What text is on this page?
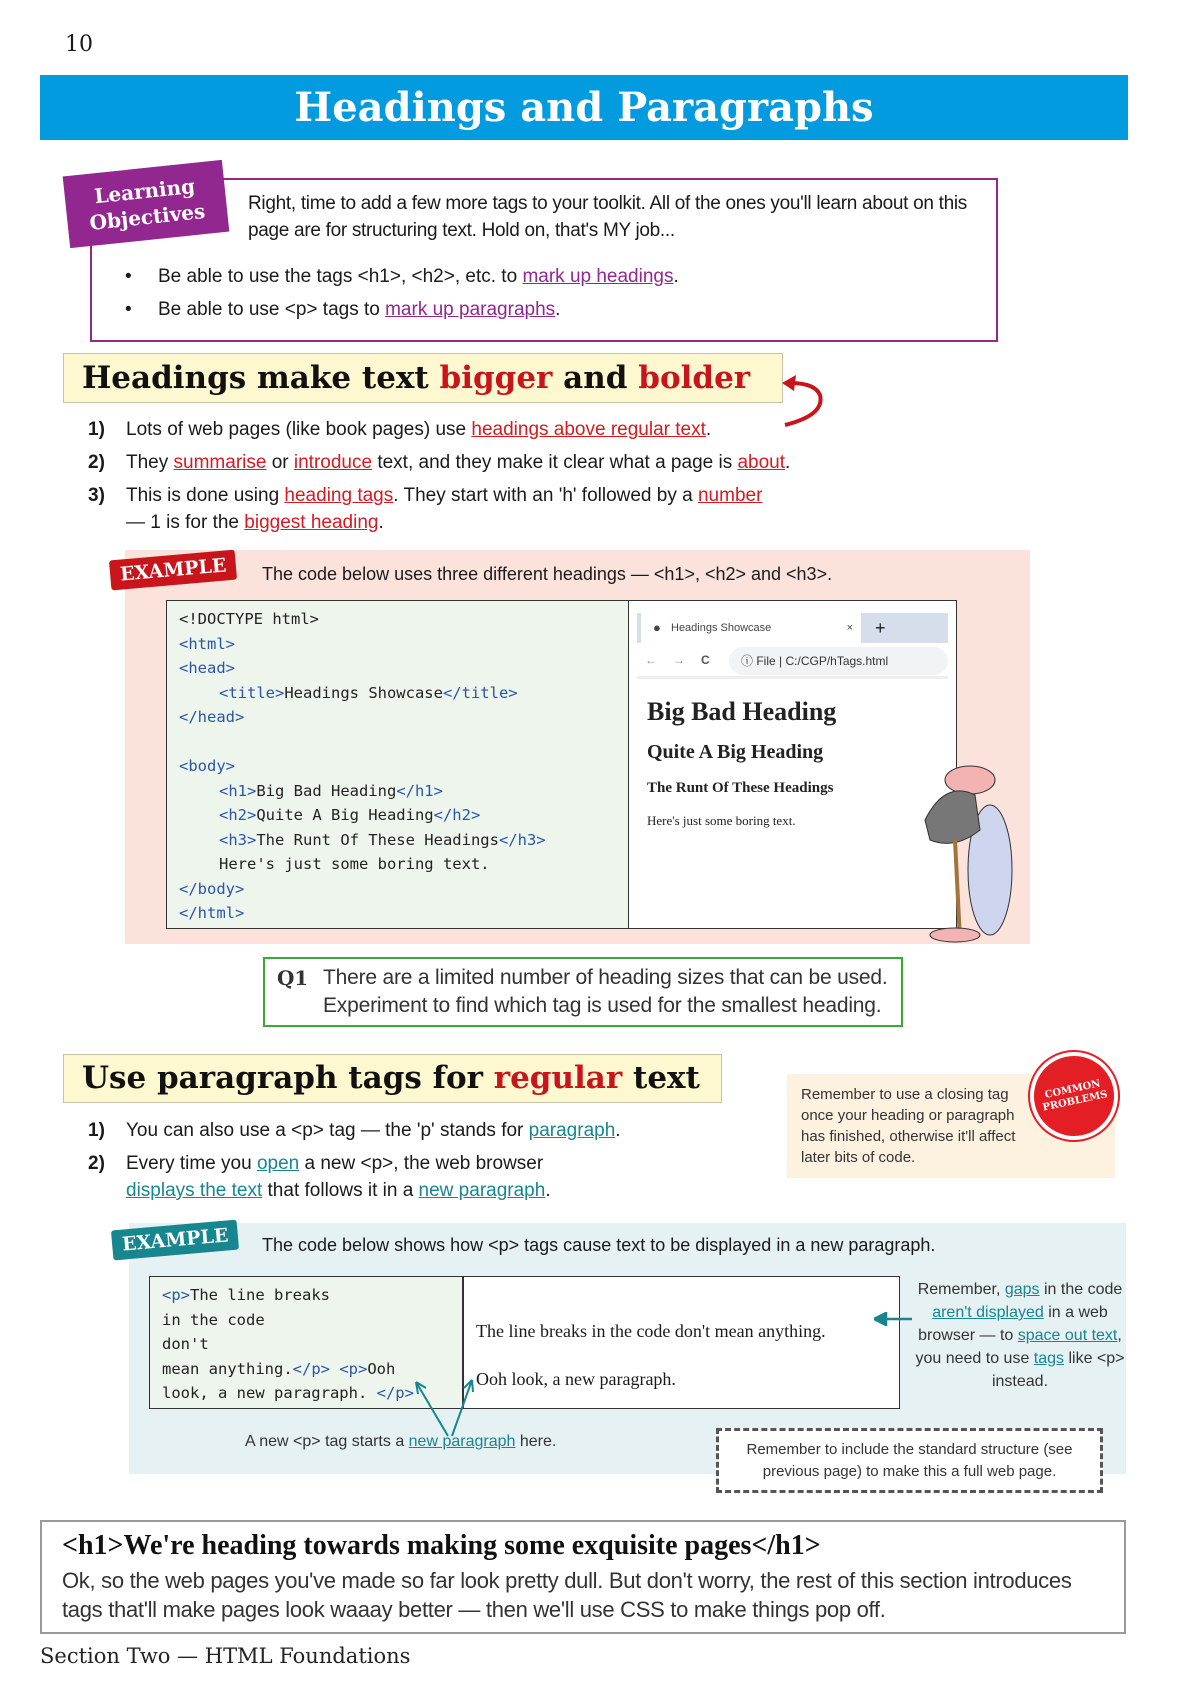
10
Headings and Paragraphs
Right, time to add a few more tags to your toolkit. All of the ones you'll learn about on this page are for structuring text. Hold on, that's MY job...
• Be able to use the tags <h1>, <h2>, etc. to mark up headings.
• Be able to use <p> tags to mark up paragraphs.
Learning
Objectives
Headings make text bigger and bolder
1) Lots of web pages (like book pages) use headings above regular text.
2) They summarise or introduce text, and they make it clear what a page is about.
3) This is done using heading tags. They start with an 'h' followed by a number
— 1 is for the biggest heading.
EXAMPLE	The code below uses three different headings — <h1>, <h2> and <h3>.
<!DOCTYPE html>
<html>
<head>
<title>Headings Showcase</title>
</head>

<body>
<h1>Big Bad Heading</h1>
<h2>Quite A Big Heading</h2>
<h3>The Runt Of These Headings</h3>
Here's just some boring text.
</body>
</html>
● Headings Showcase	× +
← → C	ⓘ File | C:/CGP/hTags.html
Big Bad Heading
Quite A Big Heading
The Runt Of These Headings
Here's just some boring text.
Q1 There are a limited number of heading sizes that can be used.
Experiment to find which tag is used for the smallest heading.
Use paragraph tags for regular text	Remember to use a closing tag once your heading or paragraph has finished, otherwise it'll affect later bits of code.
COMMON PROBLEMS
1) You can also use a <p> tag — the 'p' stands for paragraph.
2) Every time you open a new <p>, the web browser
displays the text that follows it in a new paragraph.
EXAMPLE	The code below shows how <p> tags cause text to be displayed in a new paragraph.
<p>The line breaks
in the code
don't
mean anything.</p> <p>Ooh
look, a new paragraph. </p>
The line breaks in the code don't mean anything.
Ooh look, a new paragraph.
Remember, gaps in the code aren't displayed in a web browser — to space out text, you need to use tags like <p> instead.
A new <p> tag starts a new paragraph here.	Remember to include the standard structure (see previous page) to make this a full web page.
<h1>We're heading towards making some exquisite pages</h1>

Ok, so the web pages you've made so far look pretty dull. But don't worry, the rest of this section introduces tags that'll make pages look waaay better — then we'll use CSS to make things pop off.

Section Two — HTML Foundations
